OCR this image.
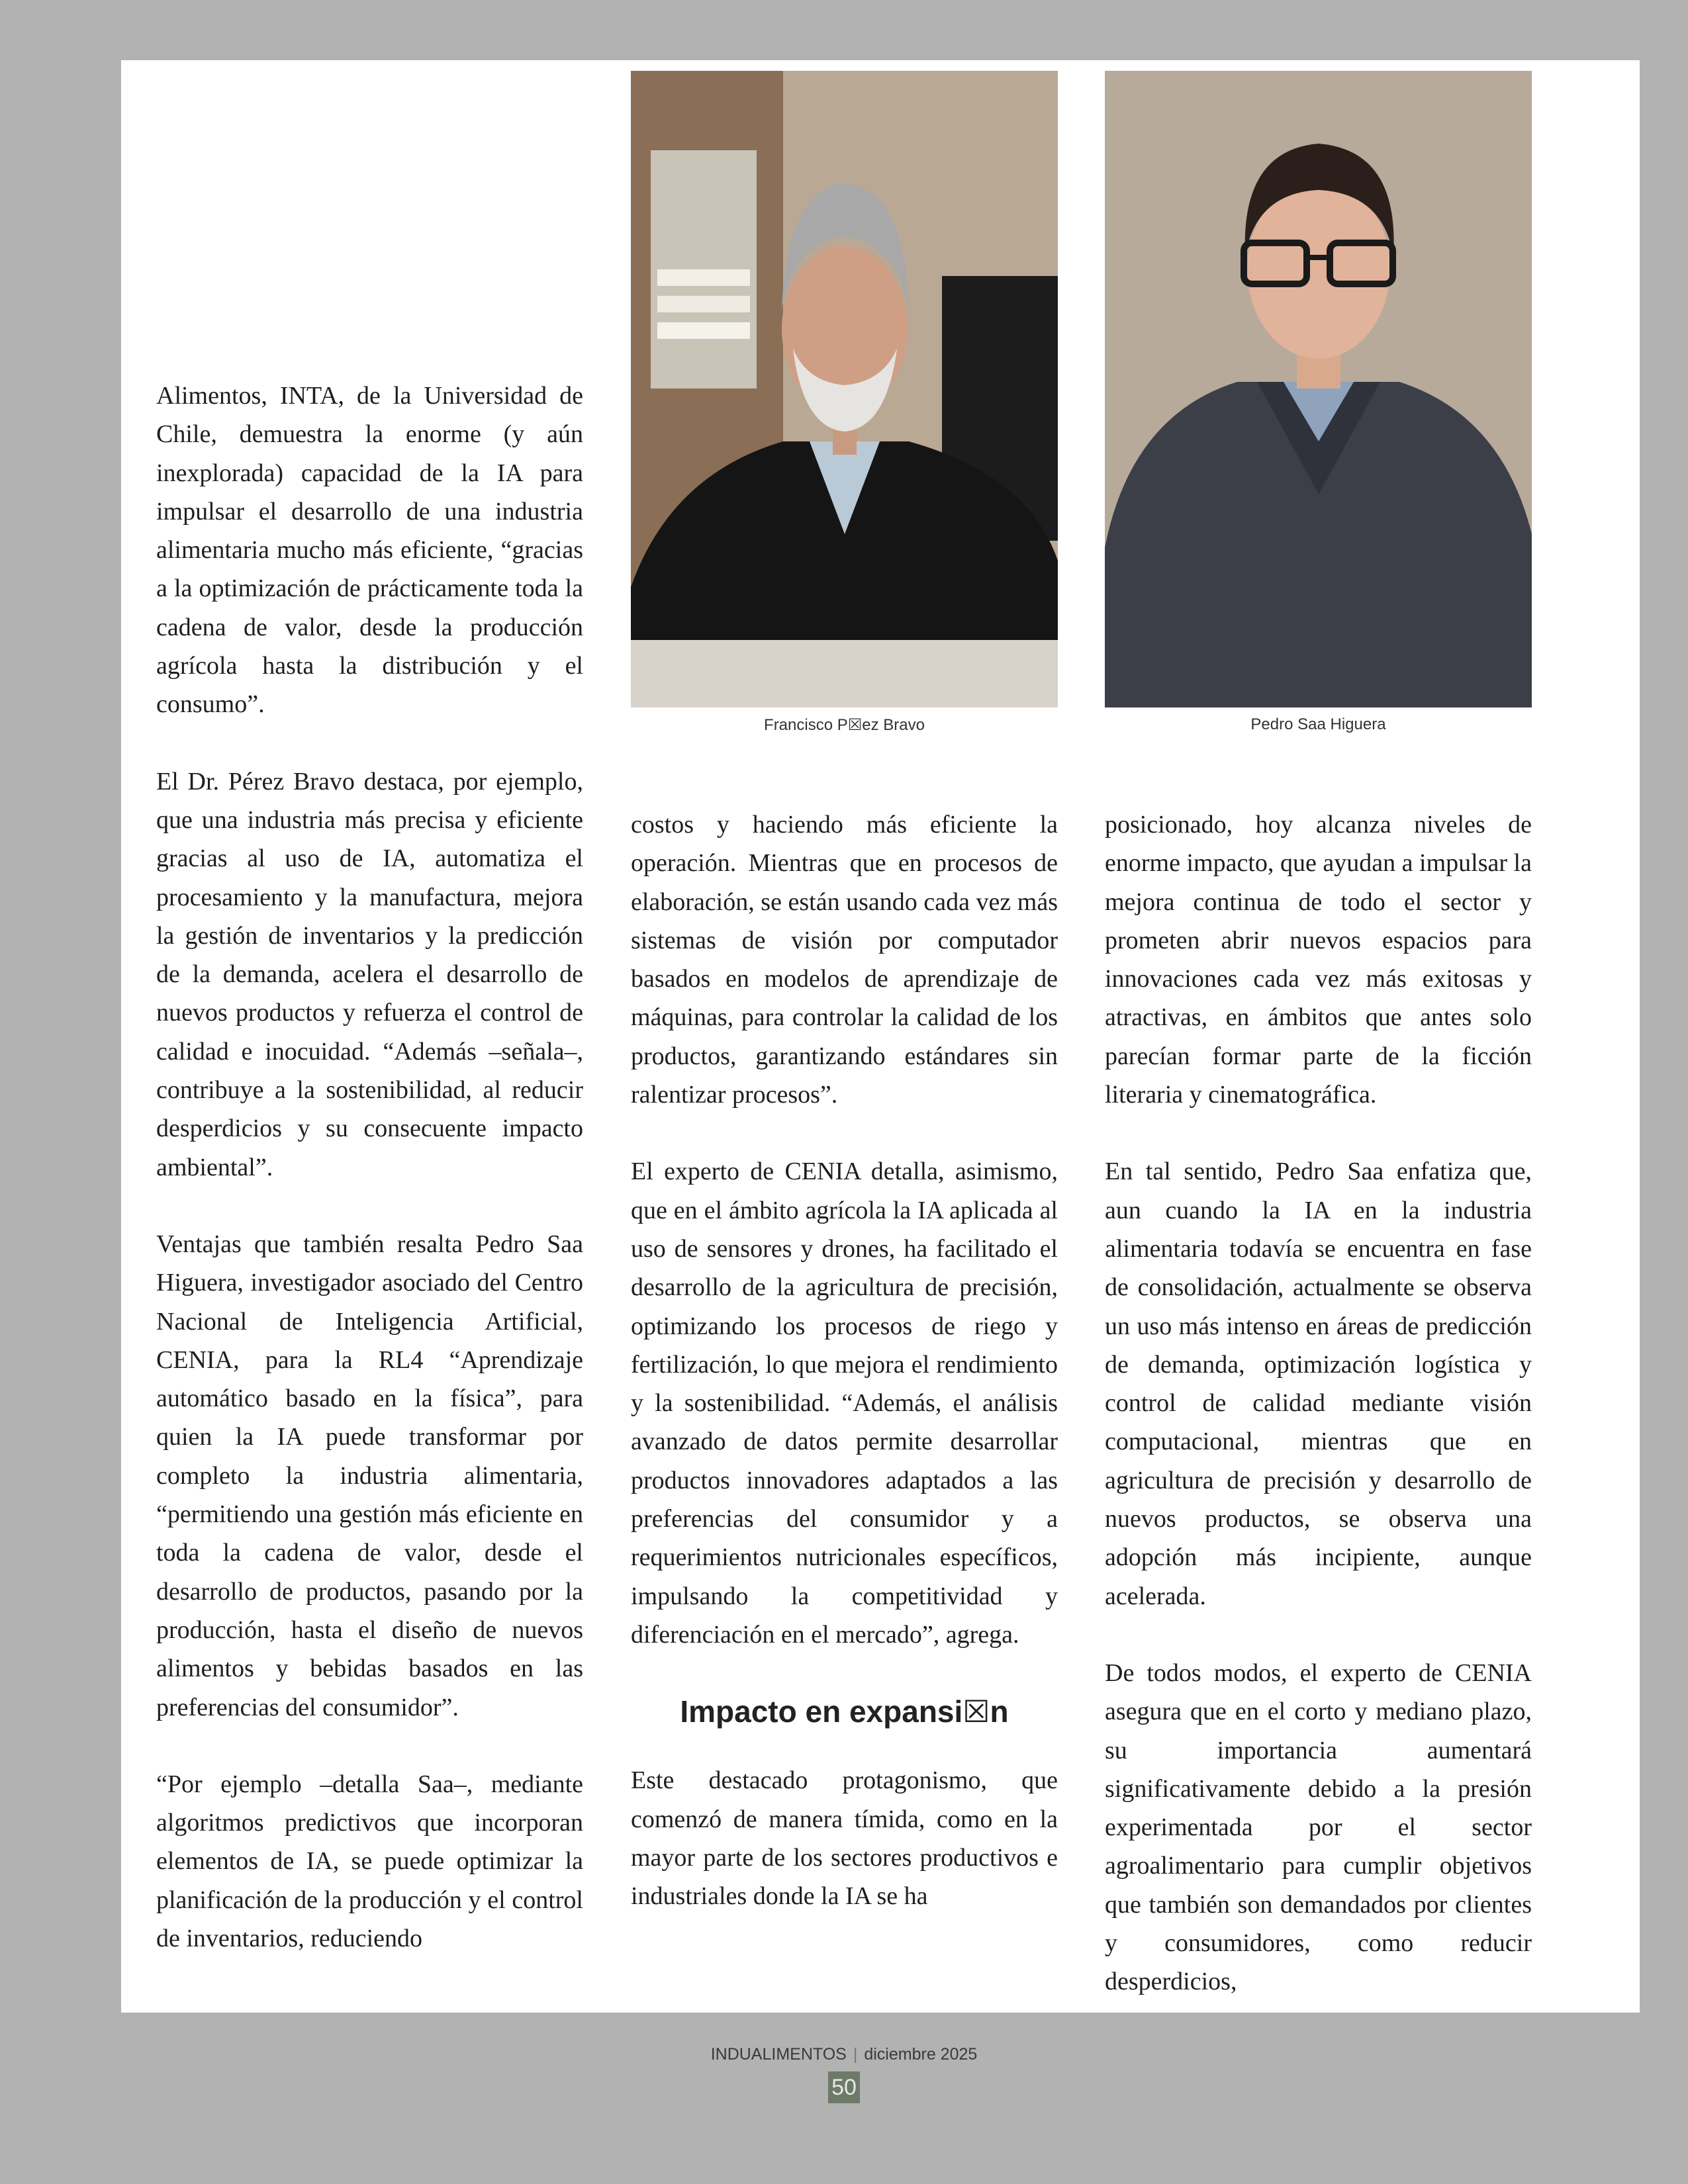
Francisco P☒ez Bravo	Pedro Saa Higuera

Alimentos, INTA, de la Universidad de Chile, demuestra la enorme (y aún inexplorada) capacidad de la IA para impulsar el desarrollo de una industria alimentaria mucho más eficiente, “gracias a la optimización de prácticamente toda la cadena de valor, desde la producción agrícola hasta la distribución y el consumo”.

El Dr. Pérez Bravo destaca, por ejemplo, que una industria más precisa y eficiente gracias al uso de IA, automatiza el procesamiento y la manufactura, mejora la gestión de inventarios y la predicción de la demanda, acelera el desarrollo de nuevos productos y refuerza el control de calidad e inocuidad. “Además –señala–, contribuye a la sostenibilidad, al reducir desperdicios y su consecuente impacto ambiental”.

Ventajas que también resalta Pedro Saa Higuera, investigador asociado del Centro Nacional de Inteligencia Artificial, CENIA, para la RL4 “Aprendizaje automático basado en la física”, para quien la IA puede transformar por completo la industria alimentaria, “permitiendo una gestión más eficiente en toda la cadena de valor, desde el desarrollo de productos, pasando por la producción, hasta el diseño de nuevos alimentos y bebidas basados en las preferencias del consumidor”.

“Por ejemplo –detalla Saa–, mediante algoritmos predictivos que incorporan elementos de IA, se puede optimizar la planificación de la producción y el control de inventarios, reduciendo

costos y haciendo más eficiente la operación. Mientras que en procesos de elaboración, se están usando cada vez más sistemas de visión por computador basados en modelos de aprendizaje de máquinas, para controlar la calidad de los productos, garantizando estándares sin ralentizar procesos”.

El experto de CENIA detalla, asimismo, que en el ámbito agrícola la IA aplicada al uso de sensores y drones, ha facilitado el desarrollo de la agricultura de precisión, optimizando los procesos de riego y fertilización, lo que mejora el rendimiento y la sostenibilidad. “Además, el análisis avanzado de datos permite desarrollar productos innovadores adaptados a las preferencias del consumidor y a requerimientos nutricionales específicos, impulsando la competitividad y diferenciación en el mercado”, agrega.

Impacto en expansi☒n

Este destacado protagonismo, que comenzó de manera tímida, como en la mayor parte de los sectores productivos e industriales donde la IA se ha

posicionado, hoy alcanza niveles de enorme impacto, que ayudan a impulsar la mejora continua de todo el sector y prometen abrir nuevos espacios para innovaciones cada vez más exitosas y atractivas, en ámbitos que antes solo parecían formar parte de la ficción literaria y cinematográfica.

En tal sentido, Pedro Saa enfatiza que, aun cuando la IA en la industria alimentaria todavía se encuentra en fase de consolidación, actualmente se observa un uso más intenso en áreas de predicción de demanda, optimización logística y control de calidad mediante visión computacional, mientras que en agricultura de precisión y desarrollo de nuevos productos, se observa una adopción más incipiente, aunque acelerada.

De todos modos, el experto de CENIA asegura que en el corto y mediano plazo, su importancia aumentará significativamente debido a la presión experimentada por el sector agroalimentario para cumplir objetivos que también son demandados por clientes y consumidores, como reducir desperdicios,

INDUALIMENTOS | diciembre 2025
50
